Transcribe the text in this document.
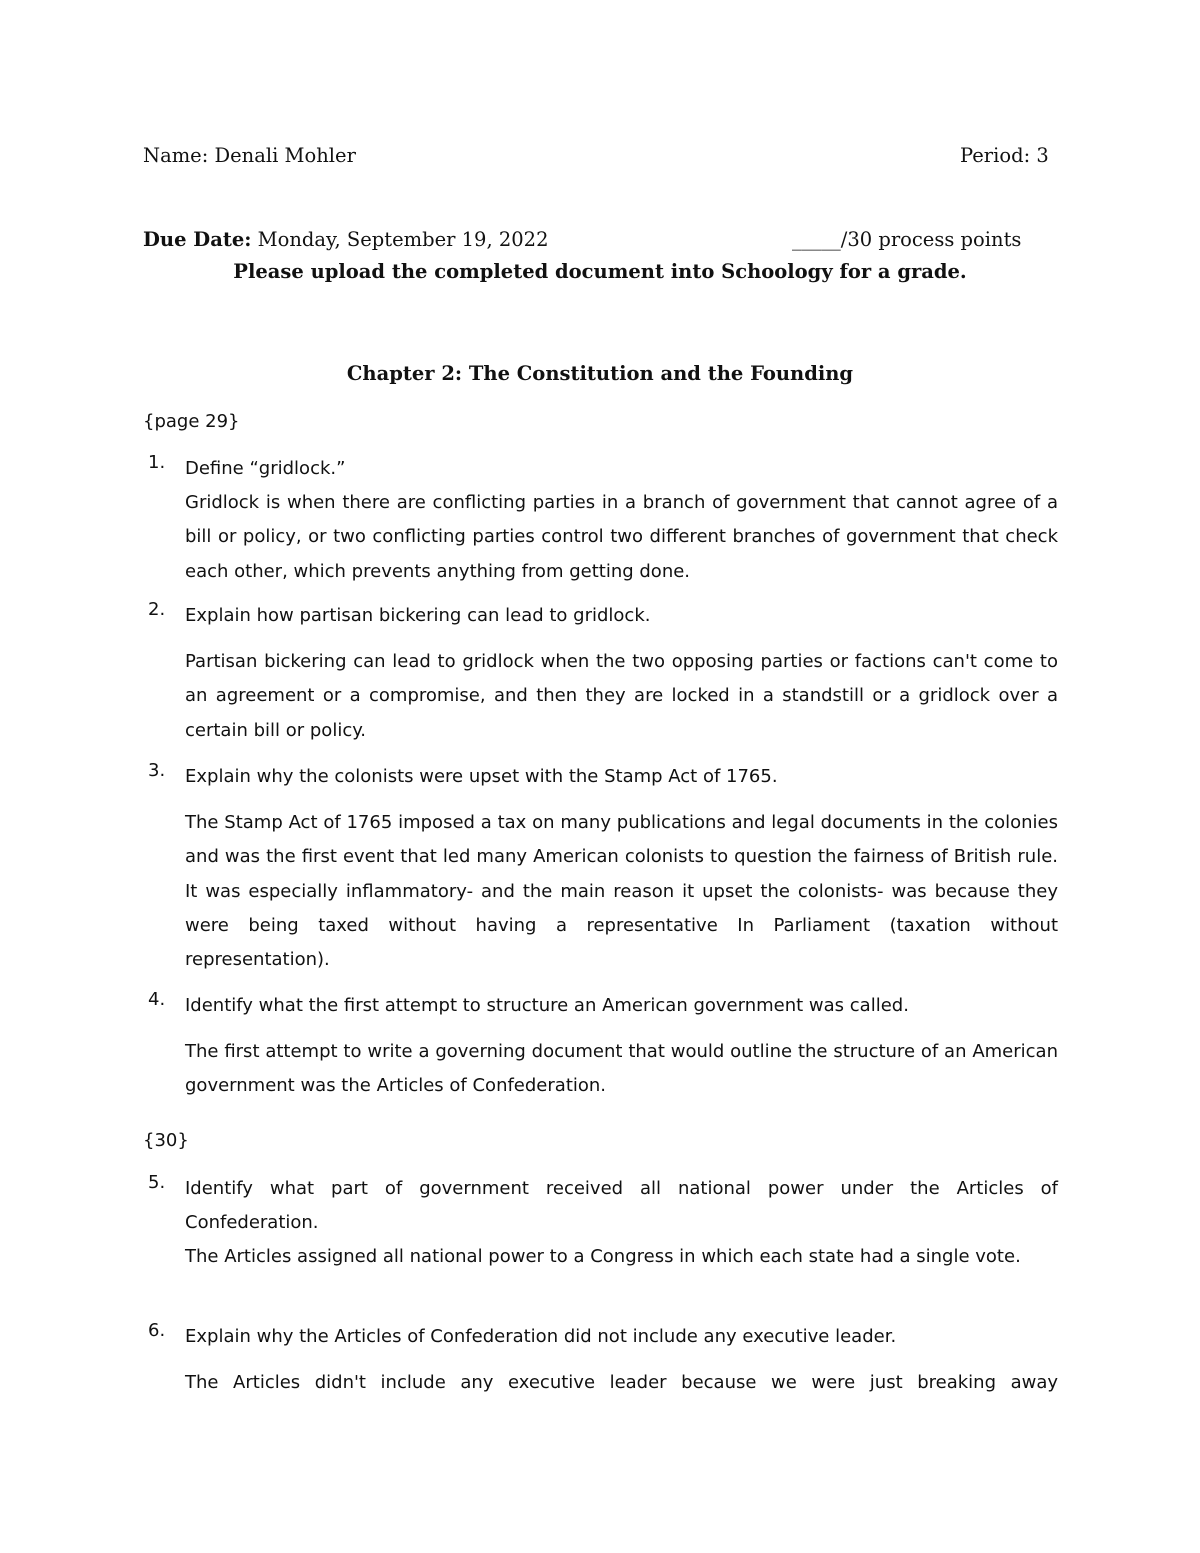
Name: Denali Mohler	Period: 3
Due Date: Monday, September 19, 2022	_____/30 process points
Please upload the completed document into Schoology for a grade.
Chapter 2: The Constitution and the Founding
{page 29}
1. Define “gridlock.”
Gridlock is when there are conflicting parties in a branch of government that cannot agree of a bill or policy, or two conflicting parties control two different branches of government that check each other, which prevents anything from getting done.
2. Explain how partisan bickering can lead to gridlock.
Partisan bickering can lead to gridlock when the two opposing parties or factions can't come to an agreement or a compromise, and then they are locked in a standstill or a gridlock over a certain bill or policy.
3. Explain why the colonists were upset with the Stamp Act of 1765.
The Stamp Act of 1765 imposed a tax on many publications and legal documents in the colonies and was the first event that led many American colonists to question the fairness of British rule. It was especially inflammatory- and the main reason it upset the colonists- was because they were being taxed without having a representative In Parliament (taxation without representation).
4. Identify what the first attempt to structure an American government was called.
The first attempt to write a governing document that would outline the structure of an American government was the Articles of Confederation.
{30}
5. Identify what part of government received all national power under the Articles of Confederation.
The Articles assigned all national power to a Congress in which each state had a single vote.
6. Explain why the Articles of Confederation did not include any executive leader.
The Articles didn't include any executive leader because we were just breaking away
